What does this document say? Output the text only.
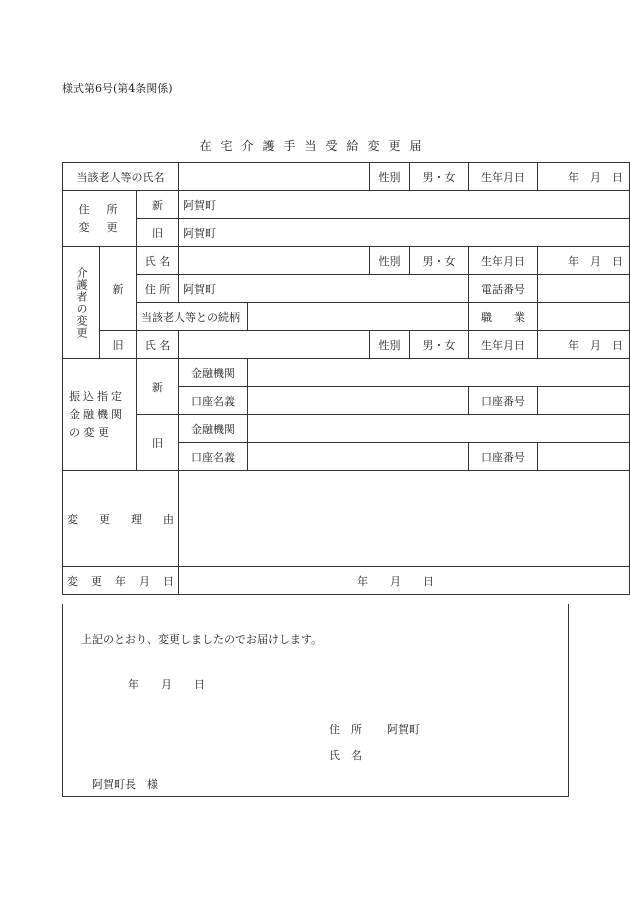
様式第6号(第4条関係)
在宅介護手当受給変更届
当該老人等の氏名					性別	男・女	生年月日	年　月　日
住　所
変　更		新	阿賀町					
		旧	阿賀町					

介護者の変更	新	氏 名			性別	男・女	生年月日	年　月　日
		住 所	阿賀町				電話番号	
		当該老人等との続柄					職　　業	
	旧	氏 名			性別	男・女	生年月日	年　月　日
振込指定
金融機関
の 変 更		新	金融機関					
			口座名義				口座番号	
		旧	金融機関					
			口座名義				口座番号	

変 更 理 由								

変 更 年 月 日			年　　月　　日					
上記のとおり、変更しましたのでお届けします。
年　　月　　日
住　所 阿賀町
氏　名
阿賀町長　様
